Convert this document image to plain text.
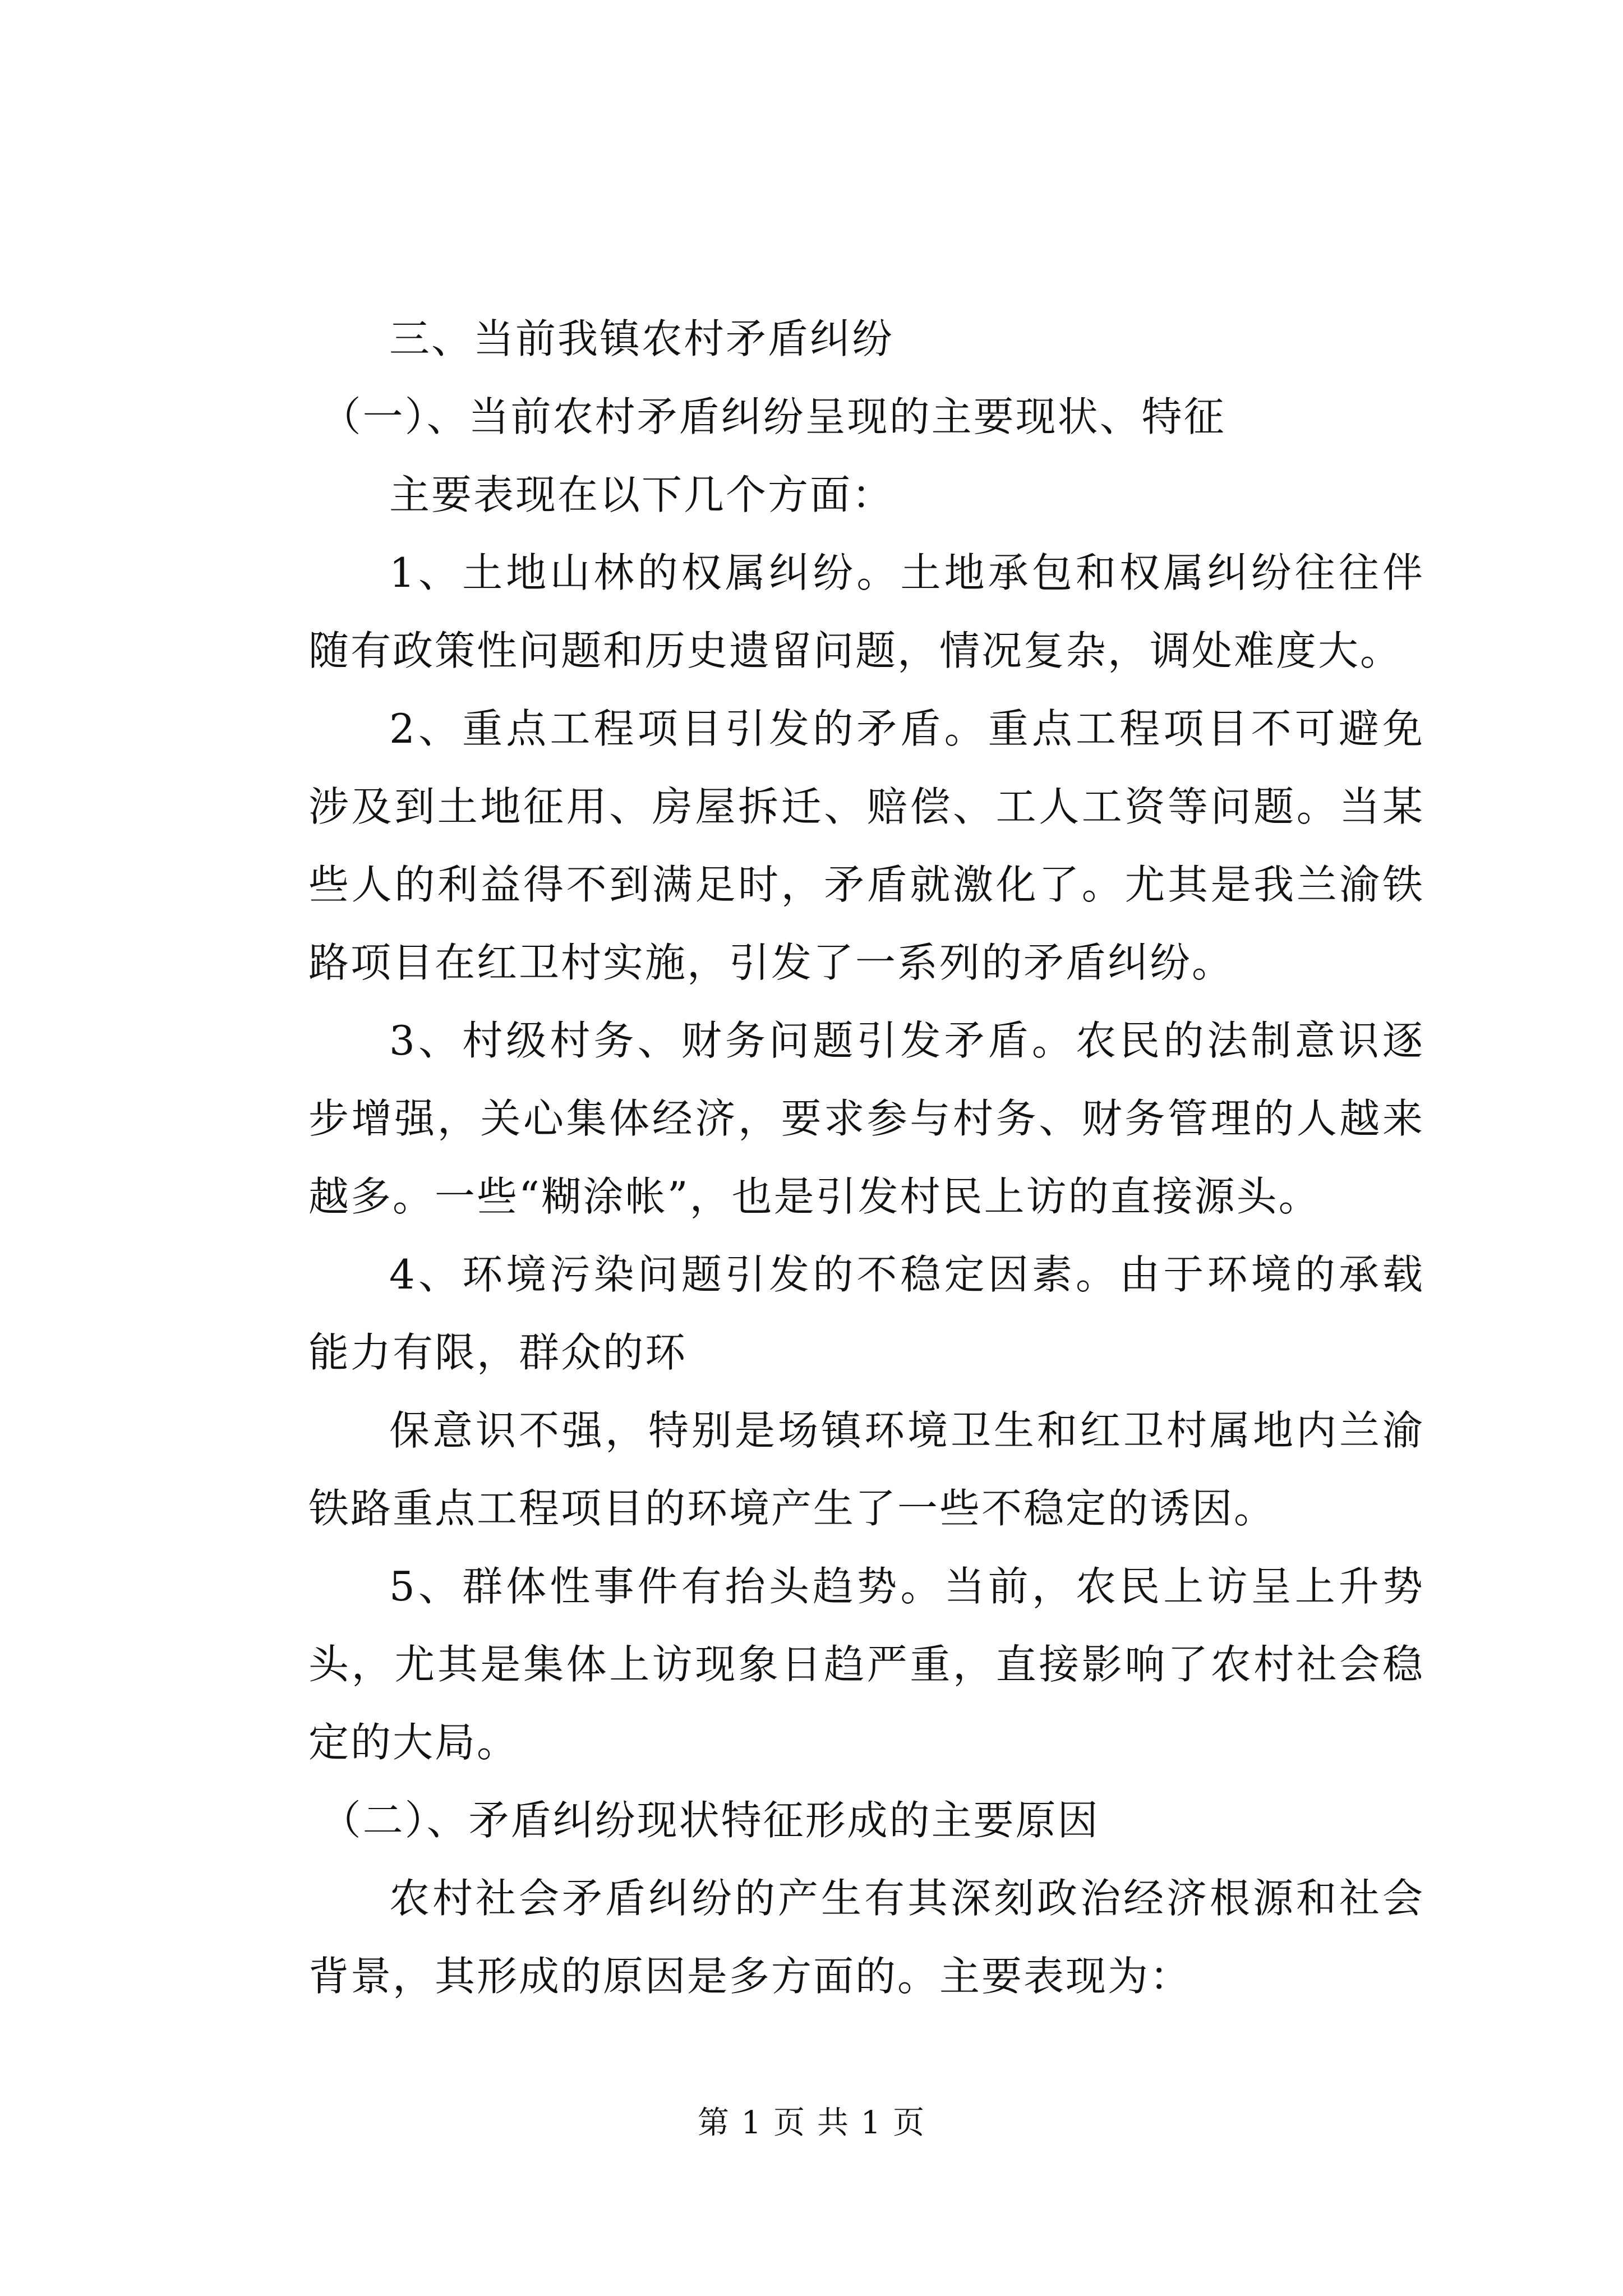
三、当前我镇农村矛盾纠纷

（一）、当前农村矛盾纠纷呈现的主要现状、特征

主要表现在以下几个方面：

1、土地山林的权属纠纷。土地承包和权属纠纷往往伴随有政策性问题和历史遗留问题，情况复杂，调处难度大。

2、重点工程项目引发的矛盾。重点工程项目不可避免涉及到土地征用、房屋拆迁、赔偿、工人工资等问题。当某些人的利益得不到满足时，矛盾就激化了。尤其是我兰渝铁路项目在红卫村实施，引发了一系列的矛盾纠纷。

3、村级村务、财务问题引发矛盾。农民的法制意识逐步增强，关心集体经济，要求参与村务、财务管理的人越来越多。一些“糊涂帐”，也是引发村民上访的直接源头。

4、环境污染问题引发的不稳定因素。由于环境的承载能力有限，群众的环

保意识不强，特别是场镇环境卫生和红卫村属地内兰渝铁路重点工程项目的环境产生了一些不稳定的诱因。

5、群体性事件有抬头趋势。当前，农民上访呈上升势头，尤其是集体上访现象日趋严重，直接影响了农村社会稳定的大局。

（二）、矛盾纠纷现状特征形成的主要原因

农村社会矛盾纠纷的产生有其深刻政治经济根源和社会背景，其形成的原因是多方面的。主要表现为：

第 1 页 共 1 页
